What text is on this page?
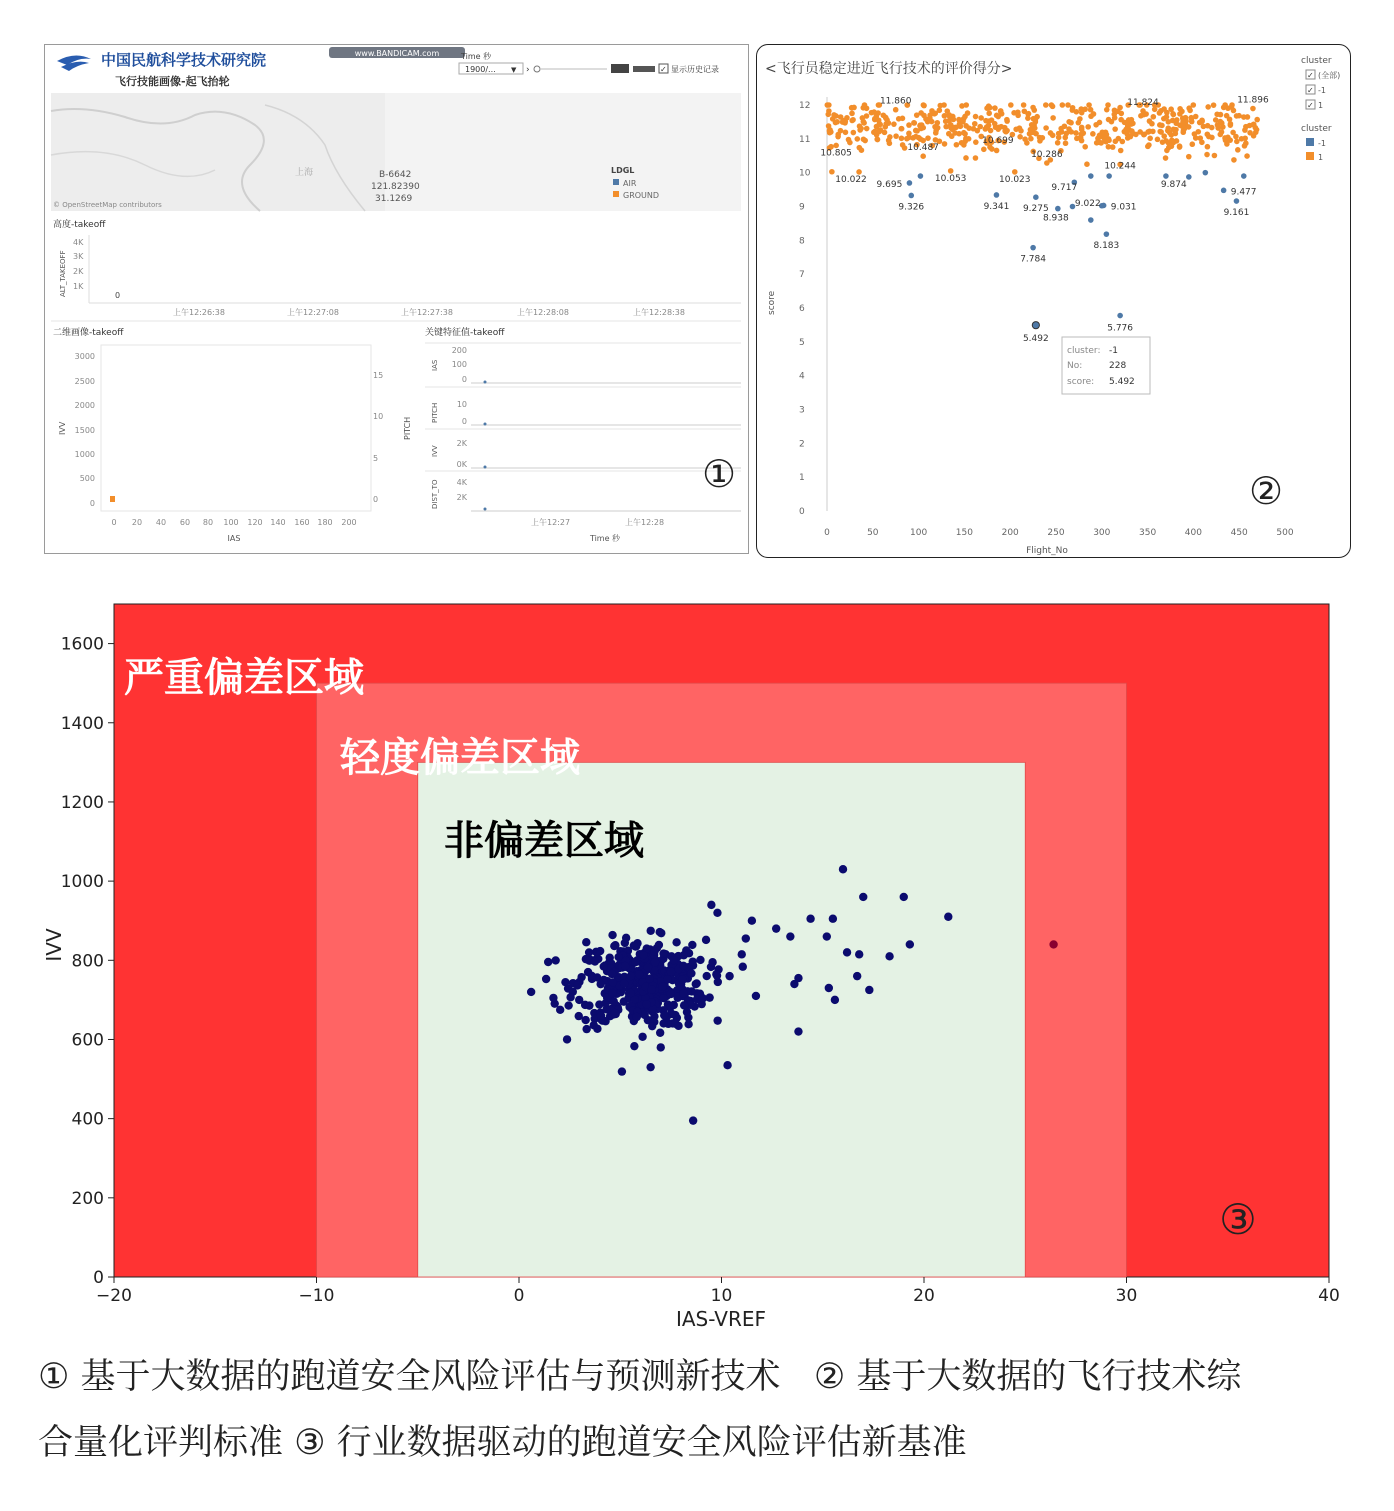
中国民航科学技术研究院
飞行技能画像-起飞抬轮
www.BANDICAM.com	Time 秒
1900/... ▼ ›	✓ 显示历史记录
上海	B-6642
121.82390
31.1269
© OpenStreetMap contributors
LDGL
AIR
GROUND
高度-takeoff
ALT_TAKEOFF
4K
3K
2K
1K
0
上午12:26:38	上午12:27:08	上午12:27:38	上午12:28:08	上午12:28:38
二维画像-takeoff
IVV
3000
2500
2000
1500
1000
500
0
PITCH
15
10
5
0
0 20 40 60 80 100 120 140 160 180 200
IAS
关键特征值-takeoff
IAS
200
100
0
PITCH 10
0
IVV
2K
0K
DIST_TO 4K
2K
上午12:27	上午12:28
Time 秒
①
<飞行员稳定进近飞行技术的评价得分>
score
Flight_No
0
1
2
3
4
5
6
7
8
9
10
11
12
0	50	100	150	200	250	300	350	400	450	500
11.860	11.824	11.896
10.805
10.487
10.699
10.286
10.022
9.695
10.053	10.023
10.244
9.874
9.477
9.326	9.341 9.275
9.717
9.022 9.031
9.161
8.938
8.183
7.784
5.776
5.492
cluster
✓ (全部)
✓ -1
✓ 1
cluster
-1
1
cluster: -1
No:	228
score: 5.492
②
0
200
400
600
800
1000
1200
1400
1600
−20	−10	0	10	20	30	40
严重偏差区域
轻度偏差区域
非偏差区域
IVV
IAS-VREF
③
① 基于大数据的跑道安全风险评估与预测新技术   ② 基于大数据的飞行技术综
合量化评判标准 ③ 行业数据驱动的跑道安全风险评估新基准
